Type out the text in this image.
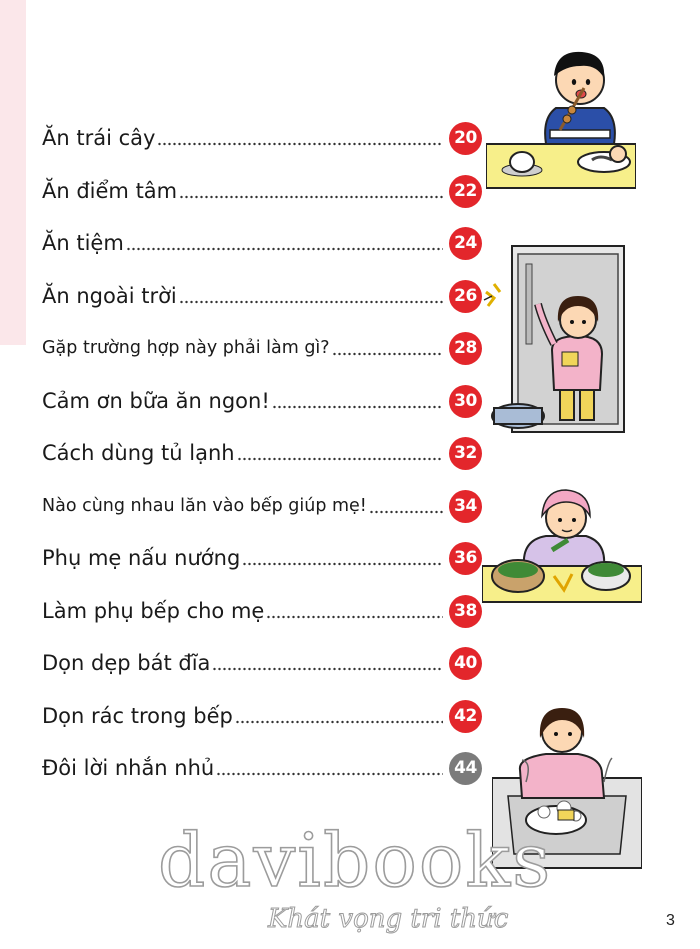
Ăn trái cây	20
Ăn điểm tâm	22
Ăn tiệm	24
Ăn ngoài trời	26
Gặp trường hợp này phải làm gì?	28
Cảm ơn bữa ăn ngon!	30
Cách dùng tủ lạnh	32
Nào cùng nhau lăn vào bếp giúp mẹ!	34
Phụ mẹ nấu nướng	36
Làm phụ bếp cho mẹ	38
Dọn dẹp bát đĩa	40
Dọn rác trong bếp	42
Đôi lời nhắn nhủ	44
davibooks
Khát vọng tri thức	3
